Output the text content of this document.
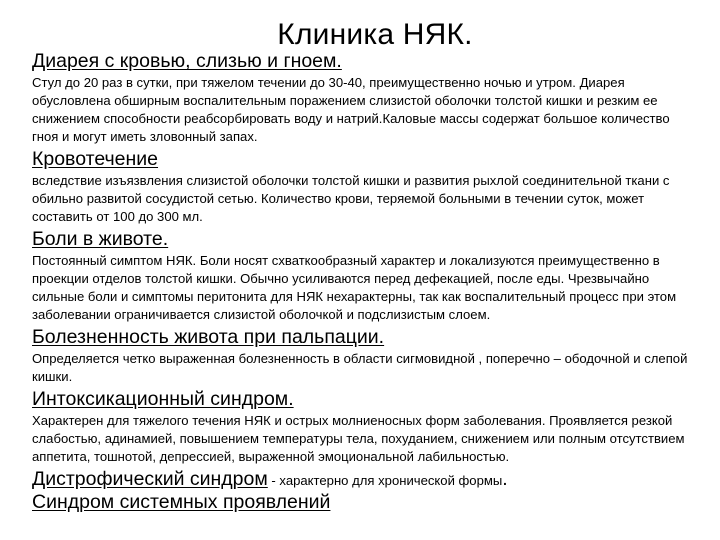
Клиника НЯК.
Диарея с кровью, слизью и гноем.

Стул до 20 раз в сутки, при тяжелом течении до 30-40, преимущественно ночью и утром. Диарея обусловлена обширным воспалительным поражением слизистой оболочки толстой кишки и резким ее снижением способности реабсорбировать воду и натрий.Каловые массы содержат большое количество гноя и могут иметь зловонный запах.

Кровотечение

вследствие изъязвления слизистой оболочки толстой кишки и развития рыхлой соединительной ткани с обильно развитой сосудистой сетью. Количество крови, теряемой больными в течении суток, может составить от 100 до 300 мл.

Боли в животе.

Постоянный симптом НЯК. Боли носят схваткообразный характер и локализуются преимущественно в проекции отделов толстой кишки. Обычно усиливаются перед дефекацией, после еды. Чрезвычайно сильные боли и симптомы перитонита для НЯК нехарактерны, так как воспалительный процесс при этом заболевании ограничивается слизистой оболочкой и подслизистым слоем.

Болезненность живота при пальпации.

Определяется четко выраженная болезненность в области сигмовидной , поперечно – ободочной и слепой кишки.

Интоксикационный синдром.

Характерен для тяжелого течения НЯК и острых молниеносных форм заболевания. Проявляется резкой слабостью, адинамией, повышением температуры тела, похуданием, снижением или полным отсутствием аппетита, тошнотой, депрессией, выраженной эмоциональной лабильностью.

Дистрофический синдром - характерно для хронической формы.
Синдром системных проявлений
